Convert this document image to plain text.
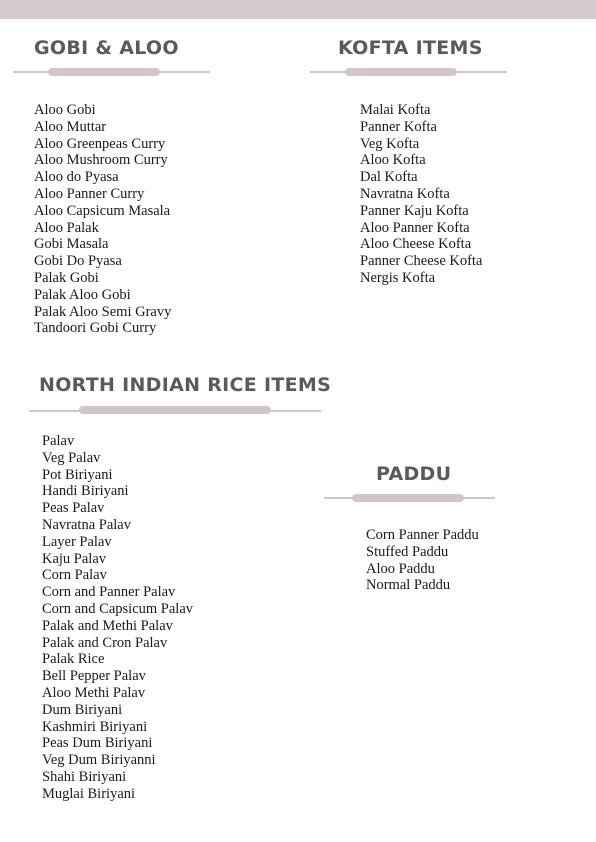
GOBI & ALOO
Aloo Gobi
Aloo Muttar
Aloo Greenpeas Curry
Aloo Mushroom Curry
Aloo do Pyasa
Aloo Panner Curry
Aloo Capsicum Masala
Aloo Palak
Gobi Masala
Gobi Do Pyasa
Palak Gobi
Palak Aloo Gobi
Palak Aloo Semi Gravy
Tandoori Gobi Curry
KOFTA ITEMS
Malai Kofta
Panner Kofta
Veg Kofta
Aloo Kofta
Dal Kofta
Navratna Kofta
Panner Kaju Kofta
Aloo Panner Kofta
Aloo Cheese Kofta
Panner Cheese Kofta
Nergis Kofta
NORTH INDIAN RICE ITEMS
Palav
Veg Palav
Pot Biriyani
Handi Biriyani
Peas Palav
Navratna Palav
Layer Palav
Kaju Palav
Corn Palav
Corn and Panner Palav
Corn and Capsicum Palav
Palak and Methi Palav
Palak and Cron Palav
Palak Rice
Bell Pepper Palav
Aloo Methi Palav
Dum Biriyani
Kashmiri Biriyani
Peas Dum Biriyani
Veg Dum Biriyanni
Shahi Biriyani
Muglai Biriyani
PADDU
Corn Panner Paddu
Stuffed Paddu
Aloo Paddu
Normal Paddu
